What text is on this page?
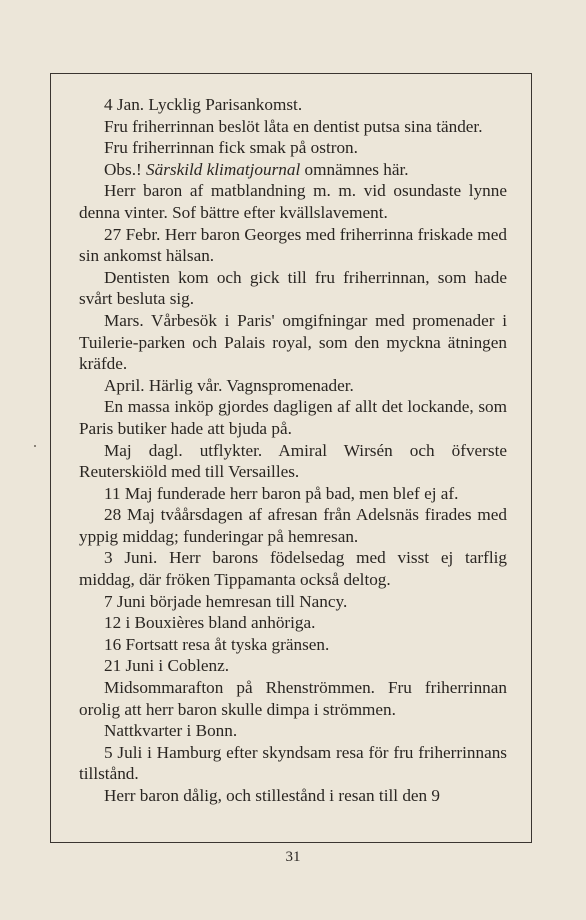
4 Jan. Lycklig Parisankomst.

Fru friherrinnan beslöt låta en dentist putsa sina tänder.

Fru friherrinnan fick smak på ostron.

Obs.! Särskild klimatjournal omnämnes här.

Herr baron af matblandning m. m. vid osundaste lynne denna vinter. Sof bättre efter kvällslavement.

27 Febr. Herr baron Georges med friherrinna friskade med sin ankomst hälsan.

Dentisten kom och gick till fru friherrinnan, som hade svårt besluta sig.

Mars. Vårbesök i Paris' omgifningar med promenader i Tuilerie-parken och Palais royal, som den myckna ätningen kräfde.

April. Härlig vår. Vagnspromenader.

En massa inköp gjordes dagligen af allt det lockande, som Paris butiker hade att bjuda på.

Maj dagl. utflykter. Amiral Wirsén och öfverste Reuterskiöld med till Versailles.

11 Maj funderade herr baron på bad, men blef ej af.

28 Maj tvåårsdagen af afresan från Adelsnäs firades med yppig middag; funderingar på hemresan.

3 Juni. Herr barons födelsedag med visst ej tarflig middag, där fröken Tippamanta också deltog.

7 Juni började hemresan till Nancy.

12 i Bouxières bland anhöriga.

16 Fortsatt resa åt tyska gränsen.

21 Juni i Coblenz.

Midsommarafton på Rhenströmmen. Fru friherrinnan orolig att herr baron skulle dimpa i strömmen.

Nattkvarter i Bonn.

5 Juli i Hamburg efter skyndsam resa för fru friherrinnans tillstånd.

Herr baron dålig, och stillestånd i resan till den 9

31
